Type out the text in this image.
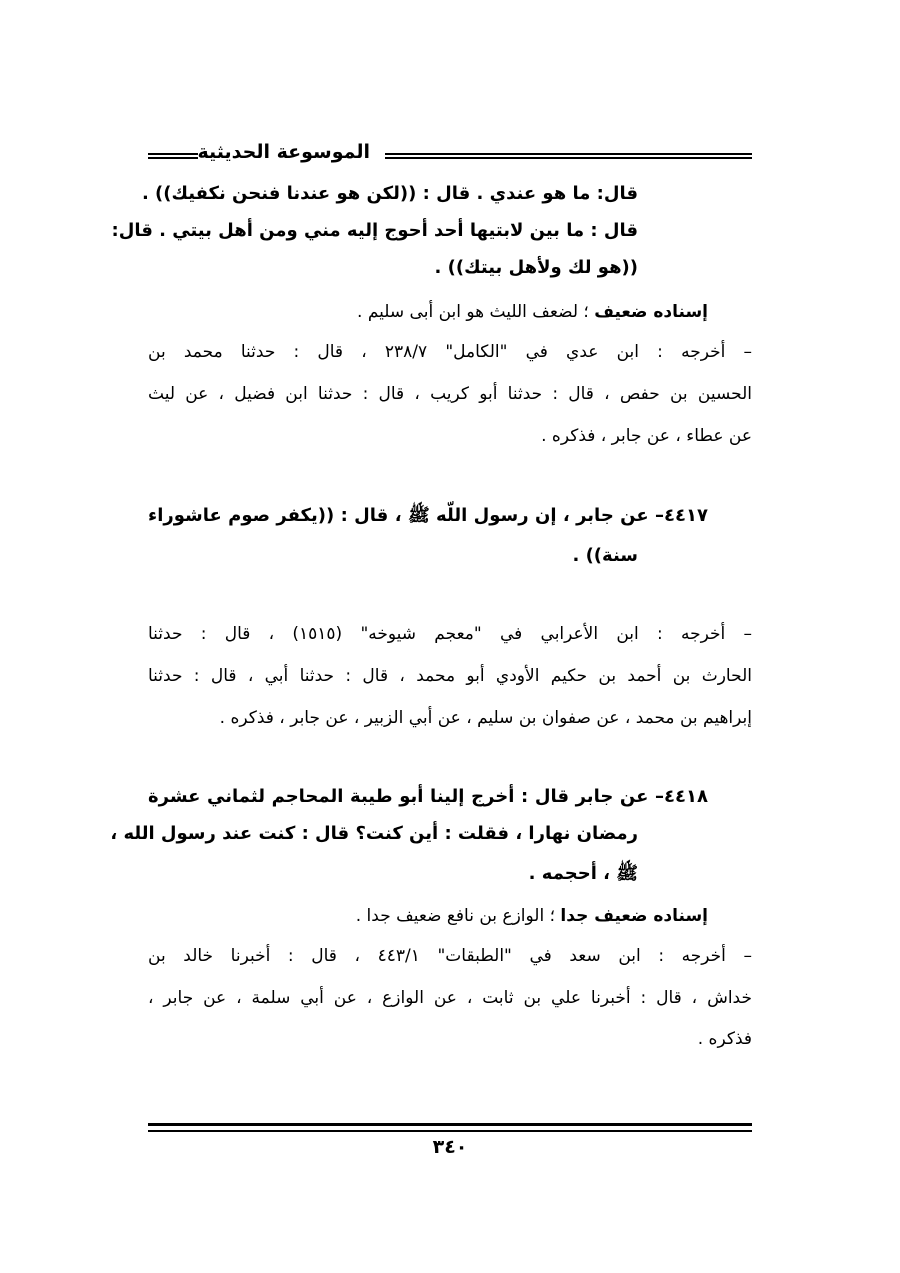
الموسوعة الحديثية
قال: ما هو عندي . قال : ((لكن هو عندنا فنحن نكفيك)) .
قال : ما بين لابتيها أحد أحوج إليه مني ومن أهل بيتي . قال:
((هو لك ولأهل بيتك)) .
إسناده ضعيف ؛ لضعف الليث هو ابن أبى سليم .
– أخرجه : ابن عدي في "الكامل" ٢٣٨/٧ ، قال : حدثنا محمد بن
الحسين بن حفص ، قال : حدثنا أبو كريب ، قال : حدثنا ابن فضيل ، عن ليث
عن عطاء ، عن جابر ، فذكره .
٤٤١٧– عن جابر ، إن رسول اللّه ﷺ ، قال : ((يكفر صوم عاشوراء
سنة)) .
– أخرجه : ابن الأعرابي في "معجم شيوخه" (١٥١٥) ، قال : حدثنا
الحارث بن أحمد بن حكيم الأودي أبو محمد ، قال : حدثنا أبي ، قال : حدثنا
إبراهيم بن محمد ، عن صفوان بن سليم ، عن أبي الزبير ، عن جابر ، فذكره .
٤٤١٨– عن جابر قال : أخرج إلينا أبو طيبة المحاجم لثماني عشرة
رمضان نهارا ، فقلت : أين كنت؟ قال : كنت عند رسول الله ،
ﷺ ، أحجمه .
إسناده ضعيف جدا ؛ الوازع بن نافع ضعيف جدا .
– أخرجه : ابن سعد في "الطبقات" ٤٤٣/١ ، قال : أخبرنا خالد بن
خداش ، قال : أخبرنا علي بن ثابت ، عن الوازع ، عن أبي سلمة ، عن جابر ،
فذكره .
٣٤٠
